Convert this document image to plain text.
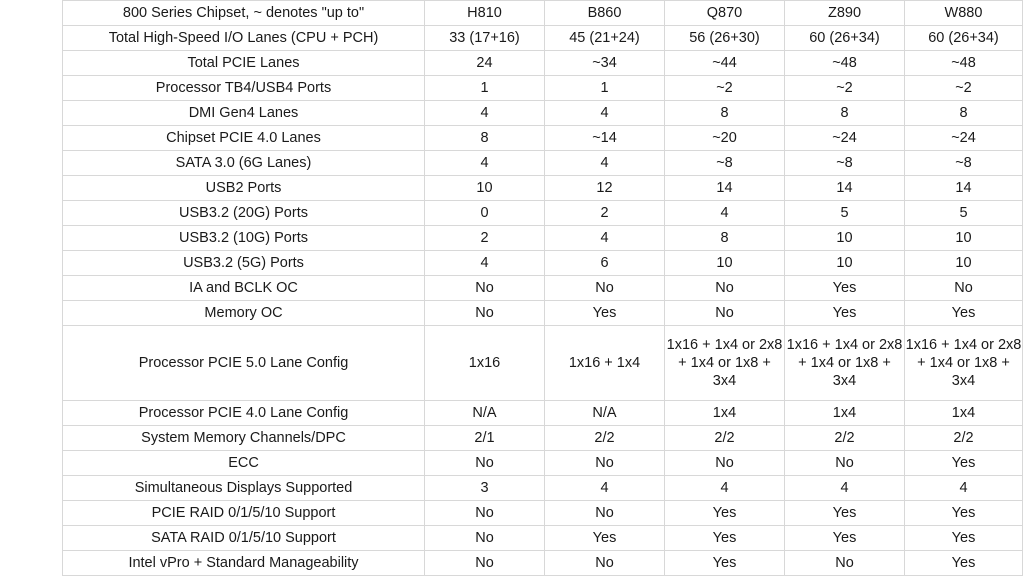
800 Series Chipset, ~ denotes "up to"	H810	B860	Q870	Z890	W880
Total High-Speed I/O Lanes (CPU + PCH)	33 (17+16)	45 (21+24)	56 (26+30)	60 (26+34)	60 (26+34)
Total PCIE Lanes	24	~34	~44	~48	~48
Processor TB4/USB4 Ports	1	1	~2	~2	~2
DMI Gen4 Lanes	4	4	8	8	8
Chipset PCIE 4.0 Lanes	8	~14	~20	~24	~24
SATA 3.0 (6G Lanes)	4	4	~8	~8	~8
USB2 Ports	10	12	14	14	14
USB3.2 (20G) Ports	0	2	4	5	5
USB3.2 (10G) Ports	2	4	8	10	10
USB3.2 (5G) Ports	4	6	10	10	10
IA and BCLK OC	No	No	No	Yes	No
Memory OC	No	Yes	No	Yes	Yes
Processor PCIE 5.0 Lane Config	1x16	1x16 + 1x4	1x16 + 1x4 or 2x8 + 1x4 or 1x8 + 3x4	1x16 + 1x4 or 2x8 + 1x4 or 1x8 + 3x4	1x16 + 1x4 or 2x8 + 1x4 or 1x8 + 3x4
Processor PCIE 4.0 Lane Config	N/A	N/A	1x4	1x4	1x4
System Memory Channels/DPC	2/1	2/2	2/2	2/2	2/2
ECC	No	No	No	No	Yes
Simultaneous Displays Supported	3	4	4	4	4
PCIE RAID 0/1/5/10 Support	No	No	Yes	Yes	Yes
SATA RAID 0/1/5/10 Support	No	Yes	Yes	Yes	Yes
Intel vPro + Standard Manageability	No	No	Yes	No	Yes
